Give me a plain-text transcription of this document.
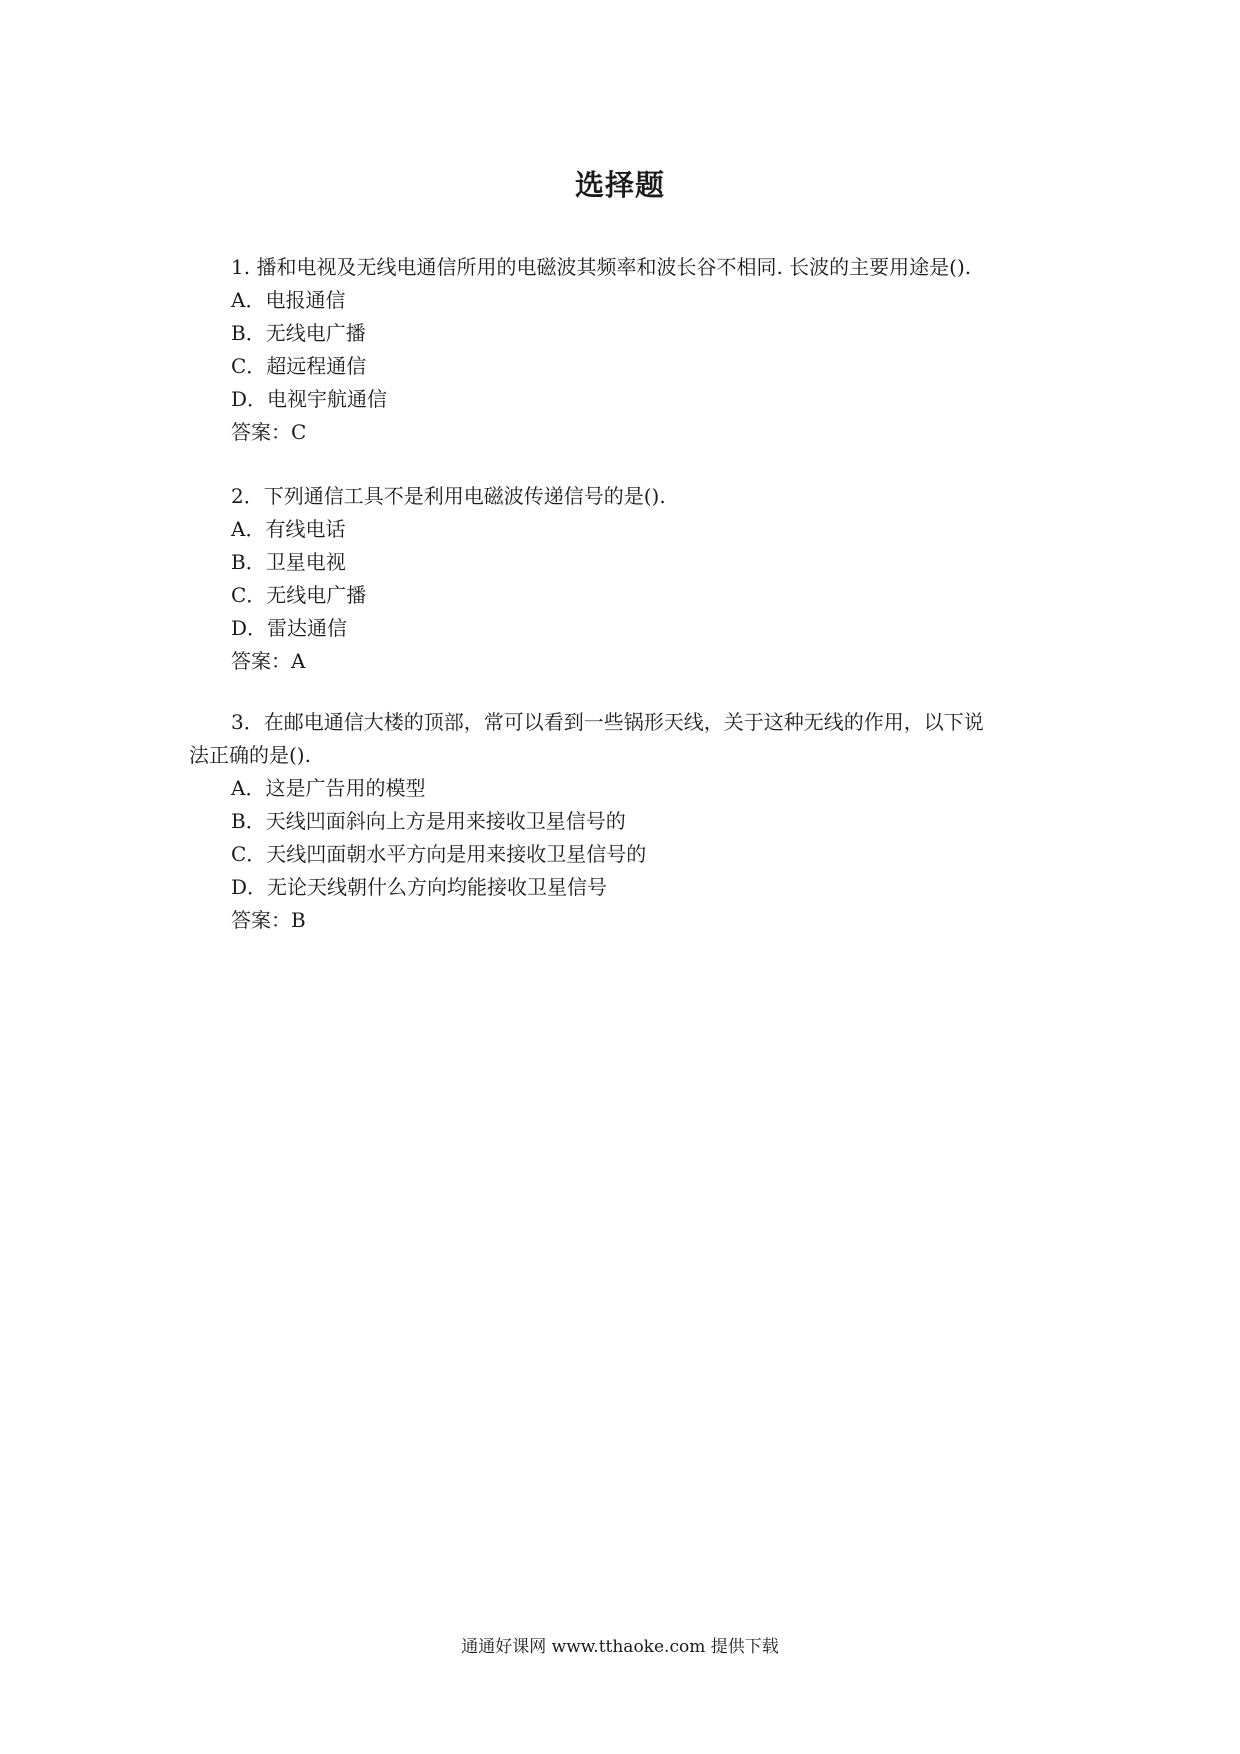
选择题
1. 播和电视及无线电通信所用的电磁波其频率和波长谷不相同. 长波的主要用途是().
A．电报通信
B．无线电广播
C．超远程通信
D．电视宇航通信
答案：C
2．下列通信工具不是利用电磁波传递信号的是().
A．有线电话
B．卫星电视
C．无线电广播
D．雷达通信
答案：A
3．在邮电通信大楼的顶部，常可以看到一些锅形天线，关于这种无线的作用，以下说
法正确的是().
A．这是广告用的模型
B．天线凹面斜向上方是用来接收卫星信号的
C．天线凹面朝水平方向是用来接收卫星信号的
D．无论天线朝什么方向均能接收卫星信号
答案：B
通通好课网 www.tthaoke.com 提供下载
